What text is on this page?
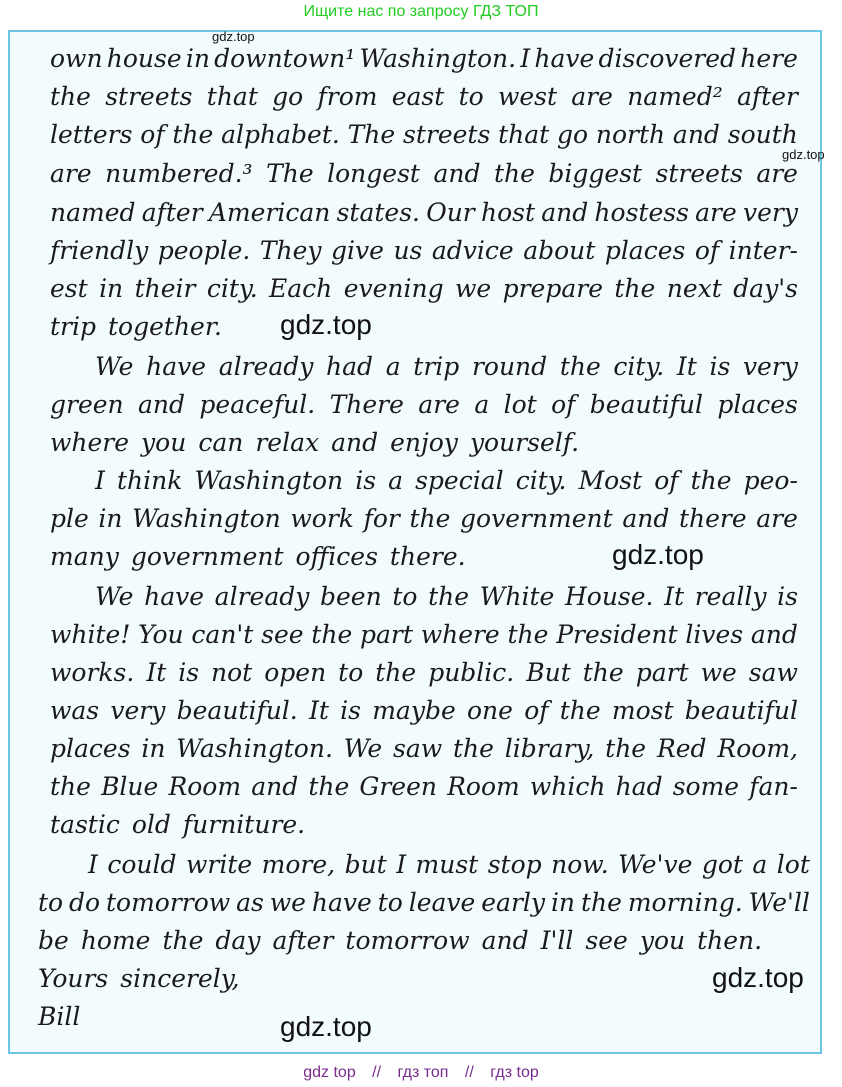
Ищите нас по запросу ГДЗ ТОП
own house in downtown¹ Washington. I have discovered here
the streets that go from east to west are named² after
letters of the alphabet. The streets that go north and south
are numbered.³ The longest and the biggest streets are
named after American states. Our host and hostess are very
friendly people. They give us advice about places of inter-
est in their city. Each evening we prepare the next day's
trip together.
We have already had a trip round the city. It is very
green and peaceful. There are a lot of beautiful places
where you can relax and enjoy yourself.
I think Washington is a special city. Most of the peo-
ple in Washington work for the government and there are
many government offices there.
We have already been to the White House. It really is
white! You can't see the part where the President lives and
works. It is not open to the public. But the part we saw
was very beautiful. It is maybe one of the most beautiful
places in Washington. We saw the library, the Red Room,
the Blue Room and the Green Room which had some fan-
tastic old furniture.
I could write more, but I must stop now. We've got a lot
to do tomorrow as we have to leave early in the morning. We'll
be home the day after tomorrow and I'll see you then.
Yours sincerely,
Bill
gdz.top
gdz.top
gdz.top
gdz.top
gdz.top
gdz.top
gdz top // гдз топ // гдз top
